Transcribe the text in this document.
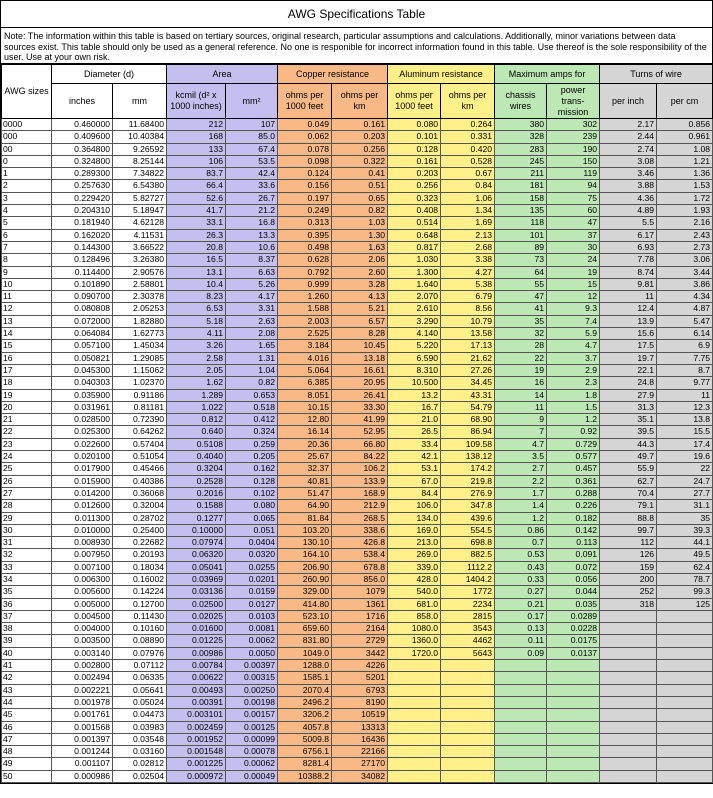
AWG Specifications Table
Note: The information within this table is based on tertiary sources, original research, particular assumptions and calculations. Additionally, minor variations between data sources exist. This table should only be used as a general reference. No one is responible for incorrect information found in this table. Use thereof is the sole responsibility of the user. Use at your own risk.
AWG sizes	Diameter (d)		Area		Copper resistance		Aluminum resistance		Maximum amps for		Turns of wire	
	inches	mm	kcmil (d² x 1000 inches)	mm²	ohms per 1000 feet	ohms per km	ohms per 1000 feet	ohms per km	chassis wires	power trans-mission	per inch	per cm
0000	0.460000	11.68400	212	107	0.049	0.161	0.080	0.264	380	302	2.17	0.856
000	0.409600	10.40384	168	85.0	0.062	0.203	0.101	0.331	328	239	2.44	0.961
00	0.364800	9.26592	133	67.4	0.078	0.256	0.128	0.420	283	190	2.74	1.08
0	0.324800	8.25144	106	53.5	0.098	0.322	0.161	0.528	245	150	3.08	1.21
1	0.289300	7.34822	83.7	42.4	0.124	0.41	0.203	0.67	211	119	3.46	1.36
2	0.257630	6.54380	66.4	33.6	0.156	0.51	0.256	0.84	181	94	3.88	1.53
3	0.229420	5.82727	52.6	26.7	0.197	0.65	0.323	1.06	158	75	4.36	1.72
4	0.204310	5.18947	41.7	21.2	0.249	0.82	0.408	1.34	135	60	4.89	1.93
5	0.181940	4.62128	33.1	16.8	0.313	1.03	0.514	1.69	118	47	5.5	2.16
6	0.162020	4.11531	26.3	13.3	0.395	1.30	0.648	2.13	101	37	6.17	2.43
7	0.144300	3.66522	20.8	10.6	0.498	1.63	0.817	2.68	89	30	6.93	2.73
8	0.128496	3.26380	16.5	8.37	0.628	2.06	1.030	3.38	73	24	7.78	3.06
9	0.114400	2.90576	13.1	6.63	0.792	2.60	1.300	4.27	64	19	8.74	3.44
10	0.101890	2.58801	10.4	5.26	0.999	3.28	1.640	5.38	55	15	9.81	3.86
11	0.090700	2.30378	8.23	4.17	1.260	4.13	2.070	6.79	47	12	11	4.34
12	0.080808	2.05253	6.53	3.31	1.588	5.21	2.610	8.56	41	9.3	12.4	4.87
13	0.072000	1.82880	5.18	2.63	2.003	6.57	3.290	10.79	35	7.4	13.9	5.47
14	0.064084	1.62773	4.11	2.08	2.525	8.28	4.140	13.58	32	5.9	15.6	6.14
15	0.057100	1.45034	3.26	1.65	3.184	10.45	5.220	17.13	28	4.7	17.5	6.9
16	0.050821	1.29085	2.58	1.31	4.016	13.18	6.590	21.62	22	3.7	19.7	7.75
17	0.045300	1.15062	2.05	1.04	5.064	16.61	8.310	27.26	19	2.9	22.1	8.7
18	0.040303	1.02370	1.62	0.82	6.385	20.95	10.500	34.45	16	2.3	24.8	9.77
19	0.035900	0.91186	1.289	0.653	8.051	26.41	13.2	43.31	14	1.8	27.9	11
20	0.031961	0.81181	1.022	0.518	10.15	33.30	16.7	54.79	11	1.5	31.3	12.3
21	0.028500	0.72390	0.812	0.412	12.80	41.99	21.0	68.90	9	1.2	35.1	13.8
22	0.025300	0.64262	0.640	0.324	16.14	52.95	26.5	86.94	7	0.92	39.5	15.5
23	0.022600	0.57404	0.5108	0.259	20.36	66.80	33.4	109.58	4.7	0.729	44.3	17.4
24	0.020100	0.51054	0.4040	0.205	25.67	84.22	42.1	138.12	3.5	0.577	49.7	19.6
25	0.017900	0.45466	0.3204	0.162	32.37	106.2	53.1	174.2	2.7	0.457	55.9	22
26	0.015900	0.40386	0.2528	0.128	40.81	133.9	67.0	219.8	2.2	0.361	62.7	24.7
27	0.014200	0.36068	0.2016	0.102	51.47	168.9	84.4	276.9	1.7	0.288	70.4	27.7
28	0.012600	0.32004	0.1588	0.080	64.90	212.9	106.0	347.8	1.4	0.226	79.1	31.1
29	0.011300	0.28702	0.1277	0.065	81.84	268.5	134.0	439.6	1.2	0.182	88.8	35
30	0.010000	0.25400	0.10000	0.051	103.20	338.6	169.0	554.5	0.86	0.142	99.7	39.3
31	0.008930	0.22682	0.07974	0.0404	130.10	426.8	213.0	698.8	0.7	0.113	112	44.1
32	0.007950	0.20193	0.06320	0.0320	164.10	538.4	269.0	882.5	0.53	0.091	126	49.5
33	0.007100	0.18034	0.05041	0.0255	206.90	678.8	339.0	1112.2	0.43	0.072	159	62.4
34	0.006300	0.16002	0.03969	0.0201	260.90	856.0	428.0	1404.2	0.33	0.056	200	78.7
35	0.005600	0.14224	0.03136	0.0159	329.00	1079	540.0	1772	0.27	0.044	252	99.3
36	0.005000	0.12700	0.02500	0.0127	414.80	1361	681.0	2234	0.21	0.035	318	125
37	0.004500	0.11430	0.02025	0.0103	523.10	1716	858.0	2815	0.17	0.0289		
38	0.004000	0.10160	0.01600	0.0081	659.60	2164	1080.0	3543	0.13	0.0228		
39	0.003500	0.08890	0.01225	0.0062	831.80	2729	1360.0	4462	0.11	0.0175		
40	0.003140	0.07976	0.00986	0.0050	1049.0	3442	1720.0	5643	0.09	0.0137		
41	0.002800	0.07112	0.00784	0.00397	1288.0	4226						
42	0.002494	0.06335	0.00622	0.00315	1585.1	5201						
43	0.002221	0.05641	0.00493	0.00250	2070.4	6793						
44	0.001978	0.05024	0.00391	0.00198	2496.2	8190						
45	0.001761	0.04473	0.003101	0.00157	3206.2	10519						
46	0.001568	0.03983	0.002459	0.00125	4057.8	13313						
47	0.001397	0.03548	0.001952	0.00099	5009.8	16436						
48	0.001244	0.03160	0.001548	0.00078	6756.1	22166						
49	0.001107	0.02812	0.001225	0.00062	8281.4	27170						
50	0.000986	0.02504	0.000972	0.00049	10388.2	34082						
